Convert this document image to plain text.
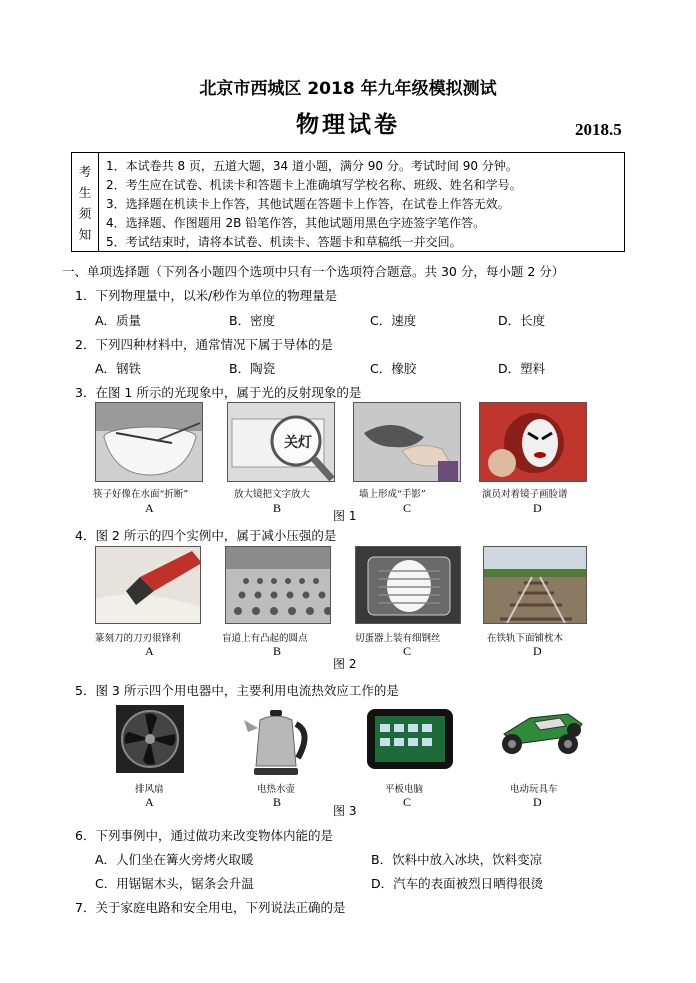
北京市西城区 2018 年九年级模拟测试
物理试卷	2018.5
考
生
须
知
1．本试卷共 8 页，五道大题，34 道小题，满分 90 分。考试时间 90 分钟。
2．考生应在试卷、机读卡和答题卡上准确填写学校名称、班级、姓名和学号。
3．选择题在机读卡上作答，其他试题在答题卡上作答，在试卷上作答无效。
4．选择题、作图题用 2B 铅笔作答，其他试题用黑色字迹签字笔作答。
5．考试结束时，请将本试卷、机读卡、答题卡和草稿纸一并交回。
一、单项选择题（下列各小题四个选项中只有一个选项符合题意。共 30 分，每小题 2 分）
1．下列物理量中，以米/秒作为单位的物理量是
A．质量	B．密度	C．速度	D．长度
2．下列四种材料中，通常情况下属于导体的是
A．钢铁	B．陶瓷	C．橡胶	D．塑料
3．在图 1 所示的光现象中，属于光的反射现象的是
关灯
筷子好像在水面“折断”	放大镜把文字放大	墙上形成“手影”	演员对着镜子画脸谱
A	B	C	D
图 1
4．图 2 所示的四个实例中，属于减小压强的是
篆刻刀的刀刃很锋利	盲道上有凸起的圆点	切蛋器上装有细钢丝	在铁轨下面铺枕木
A	B	C	D
图 2
5．图 3 所示四个用电器中，主要利用电流热效应工作的是
排风扇	电热水壶	平板电脑	电动玩具车
A	B	C	D
图 3
6．下列事例中，通过做功来改变物体内能的是
A．人们坐在篝火旁烤火取暖	B．饮料中放入冰块，饮料变凉
C．用锯锯木头，锯条会升温	D．汽车的表面被烈日晒得很烫
7．关于家庭电路和安全用电，下列说法正确的是
